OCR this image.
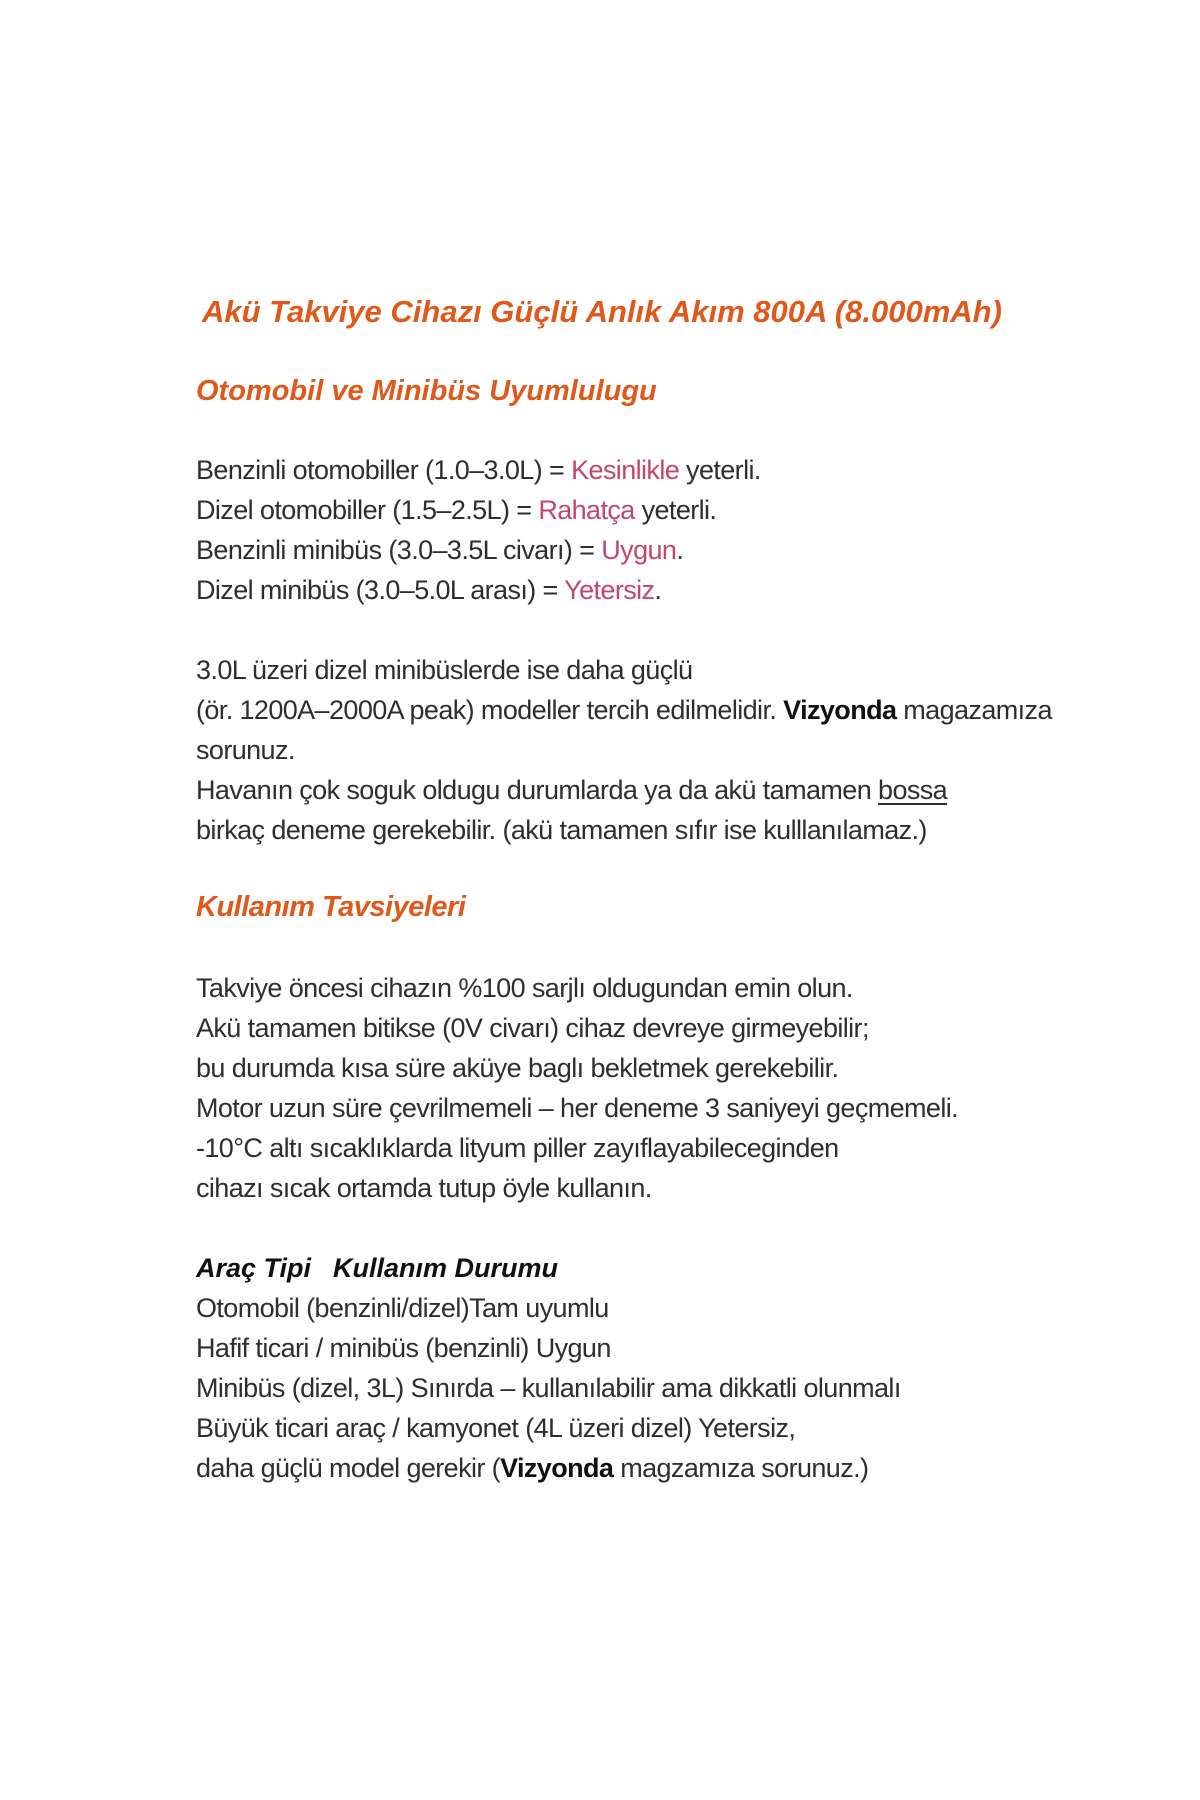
Akü Takviye Cihazı Güçlü Anlık Akım 800A (8.000mAh)
Otomobil ve Minibüs Uyumlulugu
Benzinli otomobiller (1.0–3.0L) = Kesinlikle yeterli.
Dizel otomobiller (1.5–2.5L) = Rahatça yeterli.
Benzinli minibüs (3.0–3.5L civarı) = Uygun.
Dizel minibüs (3.0–5.0L arası) = Yetersiz.
3.0L üzeri dizel minibüslerde ise daha güçlü
(ör. 1200A–2000A peak) modeller tercih edilmelidir. Vizyonda magazamıza
sorunuz.
Havanın çok soguk oldugu durumlarda ya da akü tamamen bossa
birkaç deneme gerekebilir. (akü tamamen sıfır ise kulllanılamaz.)
Kullanım Tavsiyeleri
Takviye öncesi cihazın %100 sarjlı oldugundan emin olun.
Akü tamamen bitikse (0V civarı) cihaz devreye girmeyebilir;
bu durumda kısa süre aküye baglı bekletmek gerekebilir.
Motor uzun süre çevrilmemeli – her deneme 3 saniyeyi geçmemeli.
-10°C altı sıcaklıklarda lityum piller zayıflayabileceginden
cihazı sıcak ortamda tutup öyle kullanın.
Araç Tipi Kullanım Durumu
Otomobil (benzinli/dizel)Tam uyumlu
Hafif ticari / minibüs (benzinli) Uygun
Minibüs (dizel, 3L) Sınırda – kullanılabilir ama dikkatli olunmalı
Büyük ticari araç / kamyonet (4L üzeri dizel) Yetersiz,
daha güçlü model gerekir (Vizyonda magzamıza sorunuz.)
